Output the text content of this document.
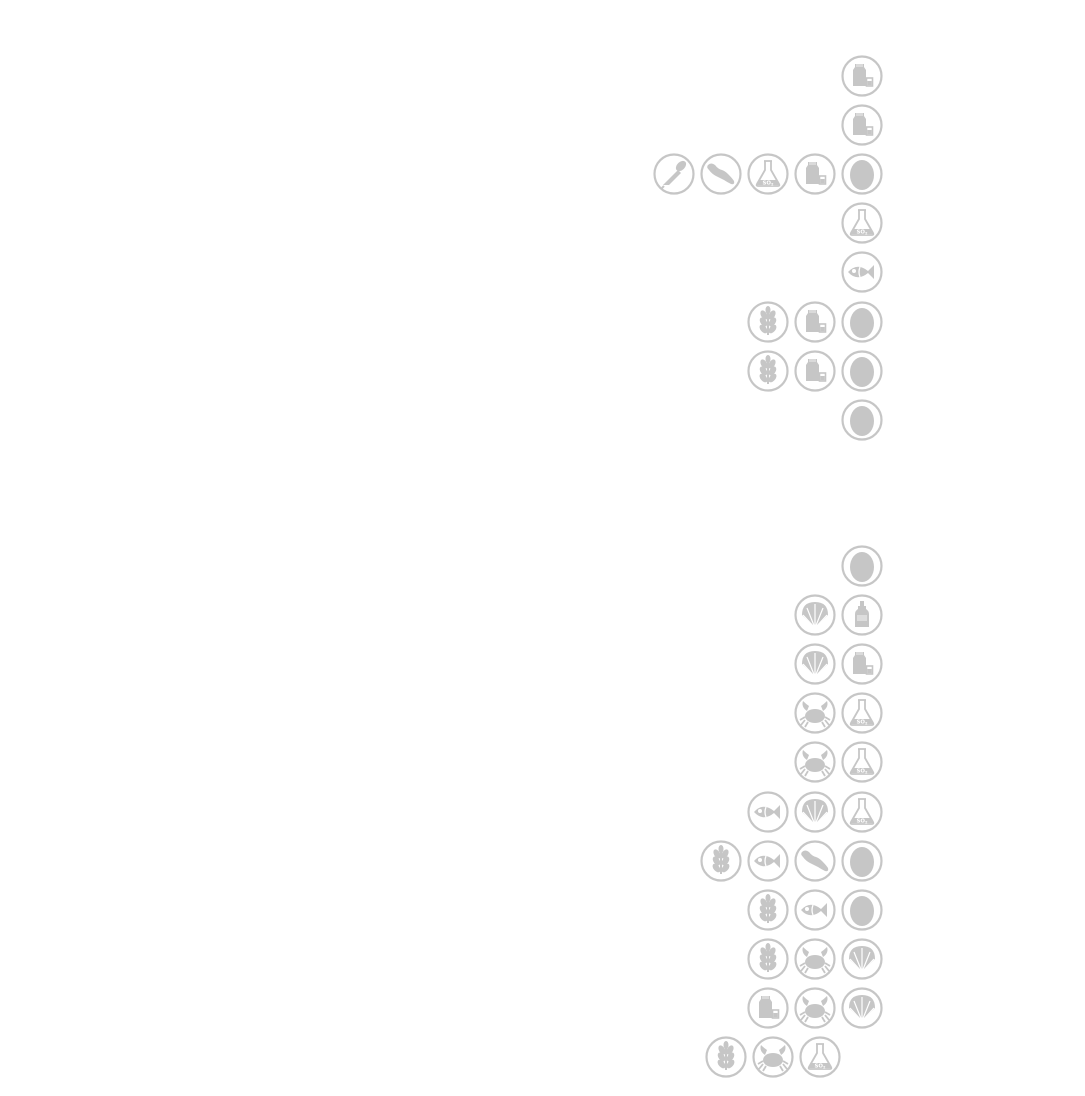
SO2
SO2
SO2
SO2
SO2
SO2
